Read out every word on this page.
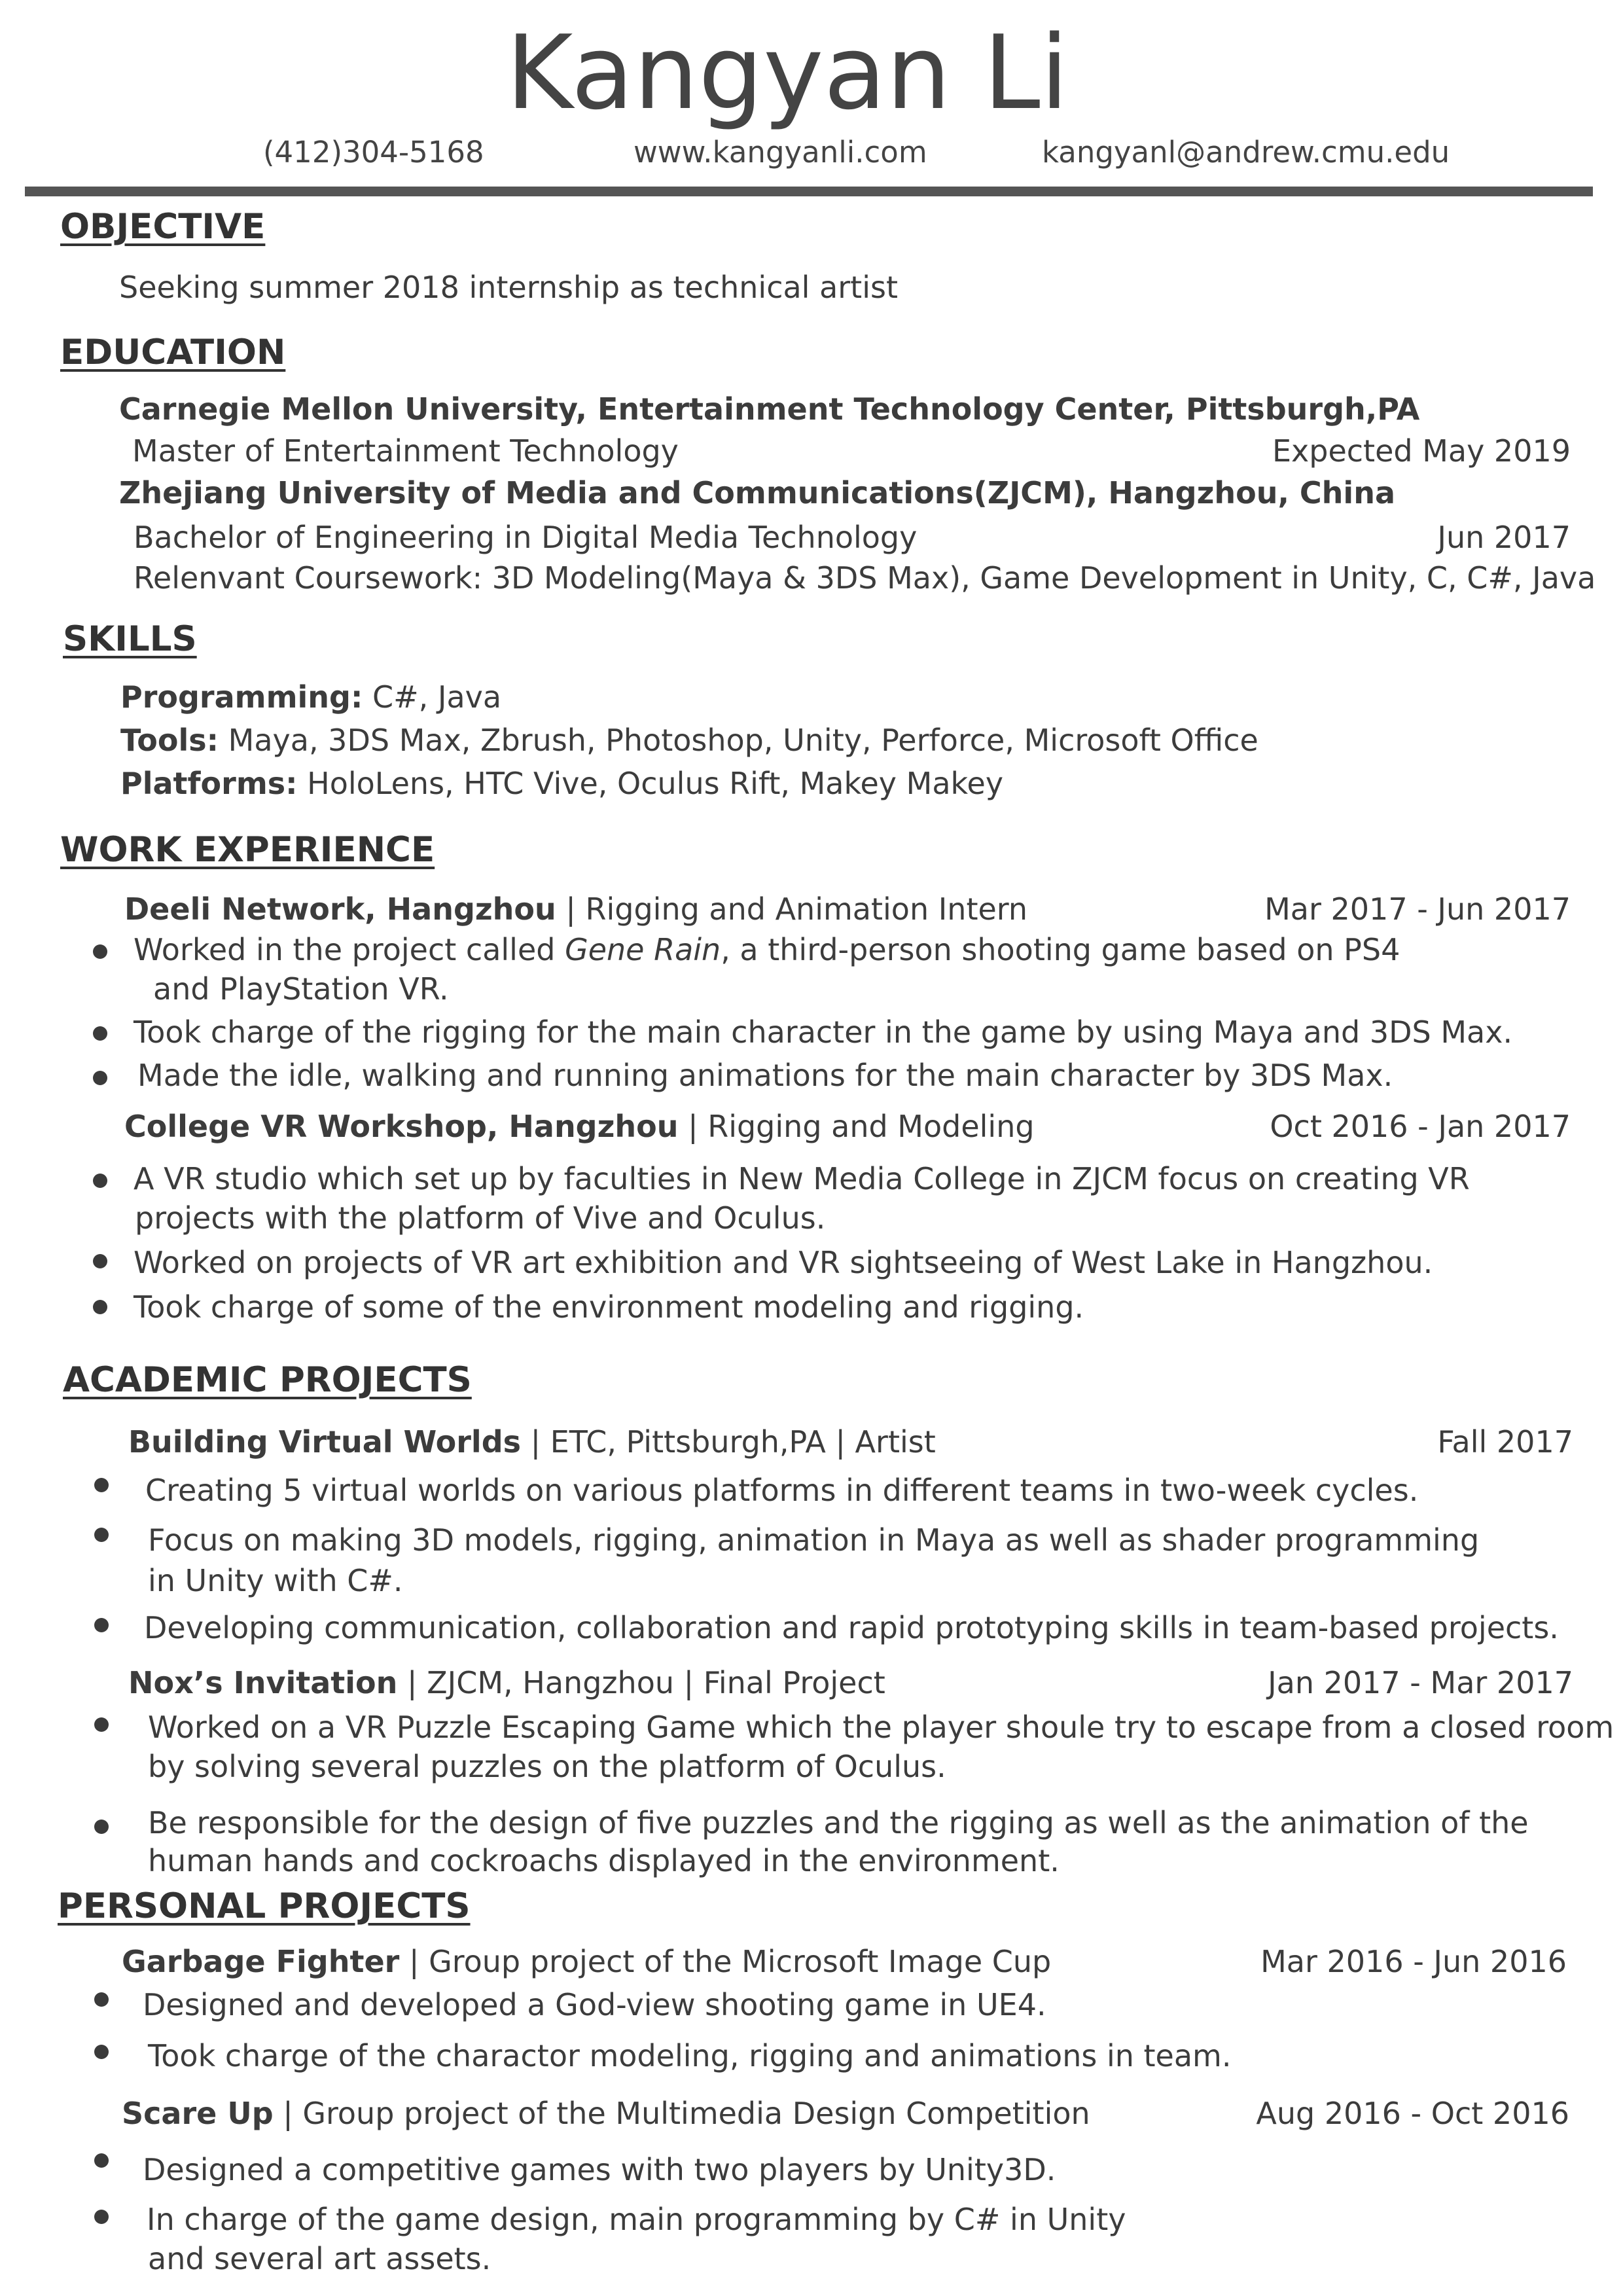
Kangyan Li
(412)304-5168	www.kangyanli.com	kangyanl@andrew.cmu.edu
OBJECTIVE
Seeking summer 2018 internship as technical artist
EDUCATION
Carnegie Mellon University, Entertainment Technology Center, Pittsburgh,PA
Master of Entertainment Technology	Expected May 2019
Zhejiang University of Media and Communications(ZJCM), Hangzhou, China
Bachelor of Engineering in Digital Media Technology	Jun 2017
Relenvant Coursework: 3D Modeling(Maya & 3DS Max), Game Development in Unity, C, C#, Java
SKILLS
Programming: C#, Java
Tools: Maya, 3DS Max, Zbrush, Photoshop, Unity, Perforce, Microsoft Office
Platforms: HoloLens, HTC Vive, Oculus Rift, Makey Makey
WORK EXPERIENCE
Deeli Network, Hangzhou | Rigging and Animation Intern	Mar 2017 - Jun 2017
Worked in the project called Gene Rain, a third-person shooting game based on PS4
and PlayStation VR.
Took charge of the rigging for the main character in the game by using Maya and 3DS Max.
Made the idle, walking and running animations for the main character by 3DS Max.
College VR Workshop, Hangzhou | Rigging and Modeling	Oct 2016 - Jan 2017
A VR studio which set up by faculties in New Media College in ZJCM focus on creating VR
projects with the platform of Vive and Oculus.
Worked on projects of VR art exhibition and VR sightseeing of West Lake in Hangzhou.
Took charge of some of the environment modeling and rigging.
ACADEMIC PROJECTS
Building Virtual Worlds | ETC, Pittsburgh,PA | Artist	Fall 2017
Creating 5 virtual worlds on various platforms in different teams in two-week cycles.
Focus on making 3D models, rigging, animation in Maya as well as shader programming
in Unity with C#.
Developing communication, collaboration and rapid prototyping skills in team-based projects.
Nox’s Invitation | ZJCM, Hangzhou | Final Project	Jan 2017 - Mar 2017
Worked on a VR Puzzle Escaping Game which the player shoule try to escape from a closed room
by solving several puzzles on the platform of Oculus.
Be responsible for the design of five puzzles and the rigging as well as the animation of the
human hands and cockroachs displayed in the environment.
PERSONAL PROJECTS
Garbage Fighter | Group project of the Microsoft Image Cup	Mar 2016 - Jun 2016
Designed and developed a God-view shooting game in UE4.
Took charge of the charactor modeling, rigging and animations in team.
Scare Up | Group project of the Multimedia Design Competition	Aug 2016 - Oct 2016
Designed a competitive games with two players by Unity3D.
In charge of the game design, main programming by C# in Unity
and several art assets.
